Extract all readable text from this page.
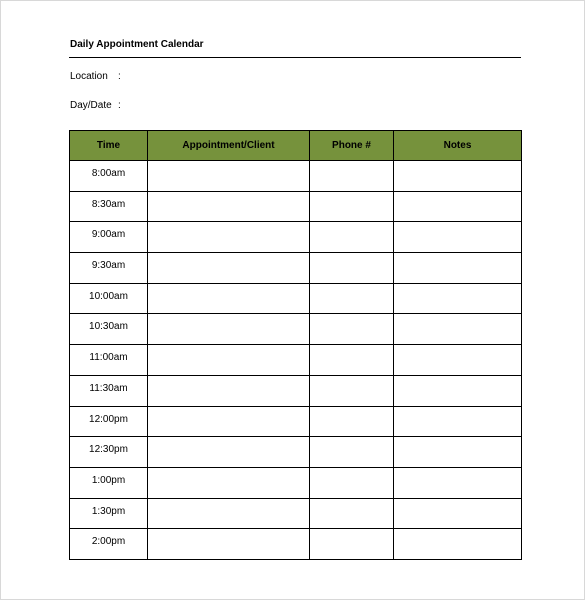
Daily Appointment Calendar
Location :
Day/Date :
Time	Appointment/Client	Phone #	Notes
8:00am			
8:30am			
9:00am			
9:30am			
10:00am			
10:30am			
11:00am			
11:30am			
12:00pm			
12:30pm			
1:00pm			
1:30pm			
2:00pm			
